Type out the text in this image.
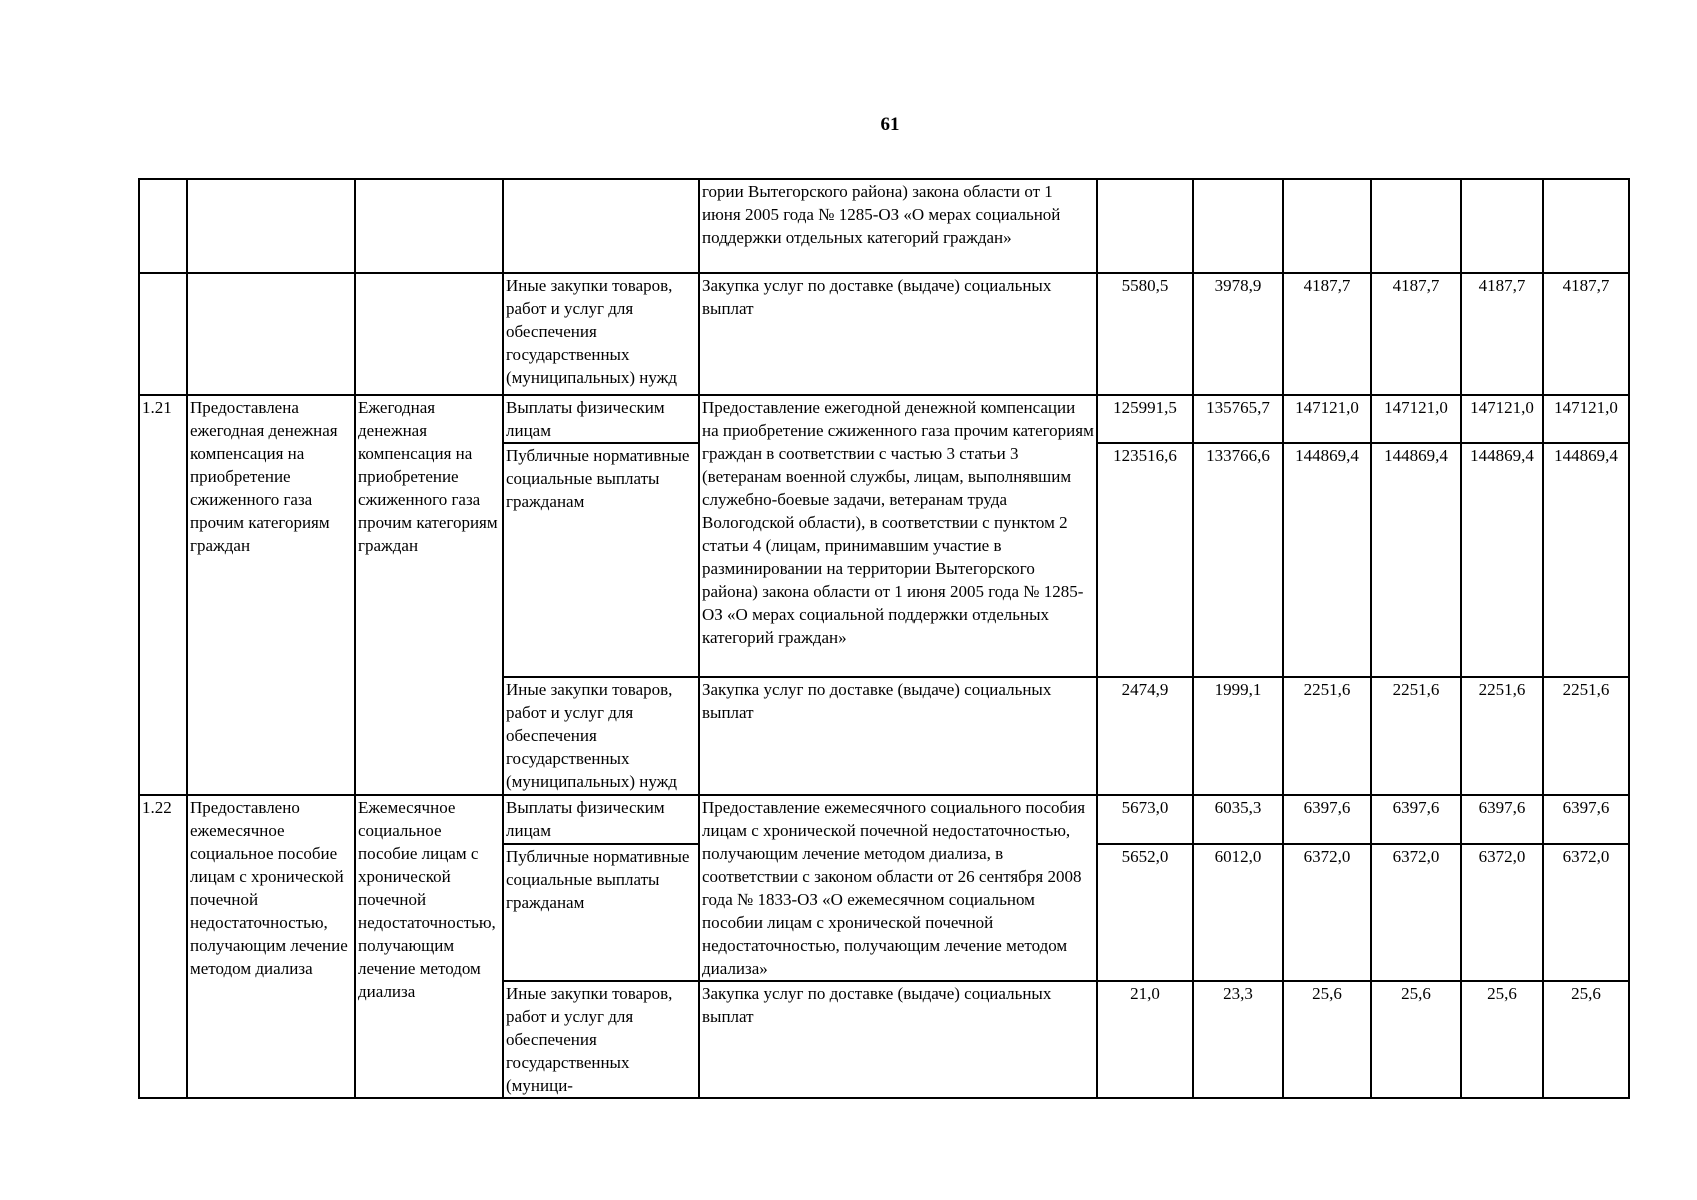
61

				гории Вытегорского района) закона области от 1 июня 2005 года № 1285-ОЗ «О мерах социальной поддержки отдельных категорий граждан»						

			Иные закупки товаров, работ и услуг для обеспечения государственных (муниципальных) нужд	Закупка услуг по доставке (выдаче) социальных выплат	5580,5	3978,9	4187,7	4187,7	4187,7	4187,7
1.21	Предоставлена ежегодная денежная компенсация на приобретение сжиженного газа прочим категориям граждан	Ежегодная денежная компенсация на приобретение сжиженного газа прочим категориям граждан	Выплаты физическим лицам	Предоставление ежегодной денежной компенсации на приобретение сжиженного газа прочим категориям граждан в соответствии с частью 3 статьи 3 (ветеранам военной службы, лицам, выполнявшим служебно-боевые задачи, ветеранам труда Вологодской области), в соответствии с пунктом 2 статьи 4 (лицам, принимавшим участие в разминировании на территории Вытегорского района) закона области от 1 июня 2005 года № 1285-ОЗ «О мерах социальной поддержки отдельных категорий граждан»	125991,5	135765,7	147121,0	147121,0	147121,0	147121,0
			Публичные нормативные социальные выплаты гражданам		123516,6	133766,6	144869,4	144869,4	144869,4	144869,4
			Иные закупки товаров, работ и услуг для обеспечения государственных (муниципальных) нужд	Закупка услуг по доставке (выдаче) социальных выплат	2474,9	1999,1	2251,6	2251,6	2251,6	2251,6
1.22	Предоставлено ежемесячное социальное пособие лицам с хронической почечной недостаточностью, получающим лечение методом диализа	Ежемесячное социальное пособие лицам с хронической почечной недостаточностью, получающим лечение методом диализа	Выплаты физическим лицам	Предоставление ежемесячного социального пособия лицам с хронической почечной недостаточностью, получающим лечение методом диализа, в соответствии с законом области от 26 сентября 2008 года № 1833-ОЗ «О ежемесячном социальном пособии лицам с хронической почечной недостаточностью, получающим лечение методом диализа»	5673,0	6035,3	6397,6	6397,6	6397,6	6397,6
			Публичные нормативные социальные выплаты гражданам		5652,0	6012,0	6372,0	6372,0	6372,0	6372,0
			Иные закупки товаров, работ и услуг для обеспечения государственных (муници-	Закупка услуг по доставке (выдаче) социальных выплат	21,0	23,3	25,6	25,6	25,6	25,6
